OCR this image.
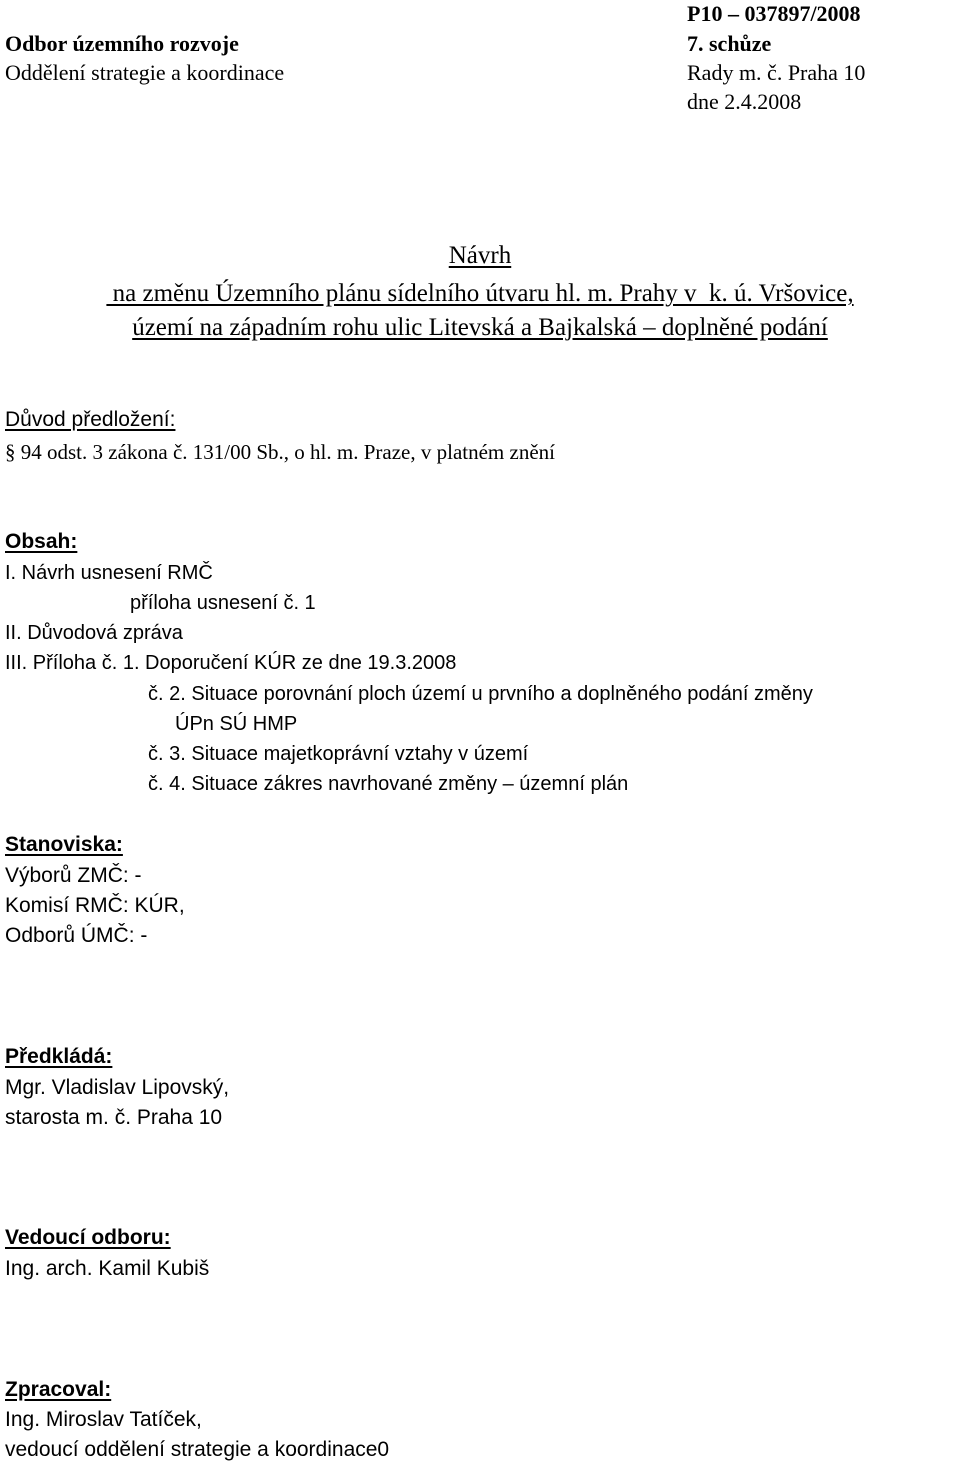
Odbor územního rozvoje
Oddělení strategie a koordinace
P10 – 037897/2008
7. schůze
Rady m. č. Praha 10
dne 2.4.2008
Návrh
na změnu Územního plánu sídelního útvaru hl. m. Prahy v  k. ú. Vršovice,
území na západním rohu ulic Litevská a Bajkalská – doplněné podání
Důvod předložení:
§ 94 odst. 3 zákona č. 131/00 Sb., o hl. m. Praze, v platném znění
Obsah:
I. Návrh usnesení RMČ
příloha usnesení č. 1
II. Důvodová zpráva
III. Příloha č. 1. Doporučení KÚR ze dne 19.3.2008
č. 2. Situace porovnání ploch území u prvního a doplněného podání změny
ÚPn SÚ HMP
č. 3. Situace majetkoprávní vztahy v území
č. 4. Situace zákres navrhované změny – územní plán
Stanoviska:
Výborů ZMČ: -
Komisí RMČ: KÚR,
Odborů ÚMČ: -
Předkládá:
Mgr. Vladislav Lipovský,
starosta m. č. Praha 10
Vedoucí odboru:
Ing. arch. Kamil Kubiš
Zpracoval:
Ing. Miroslav Tatíček,
vedoucí oddělení strategie a koordinace0
